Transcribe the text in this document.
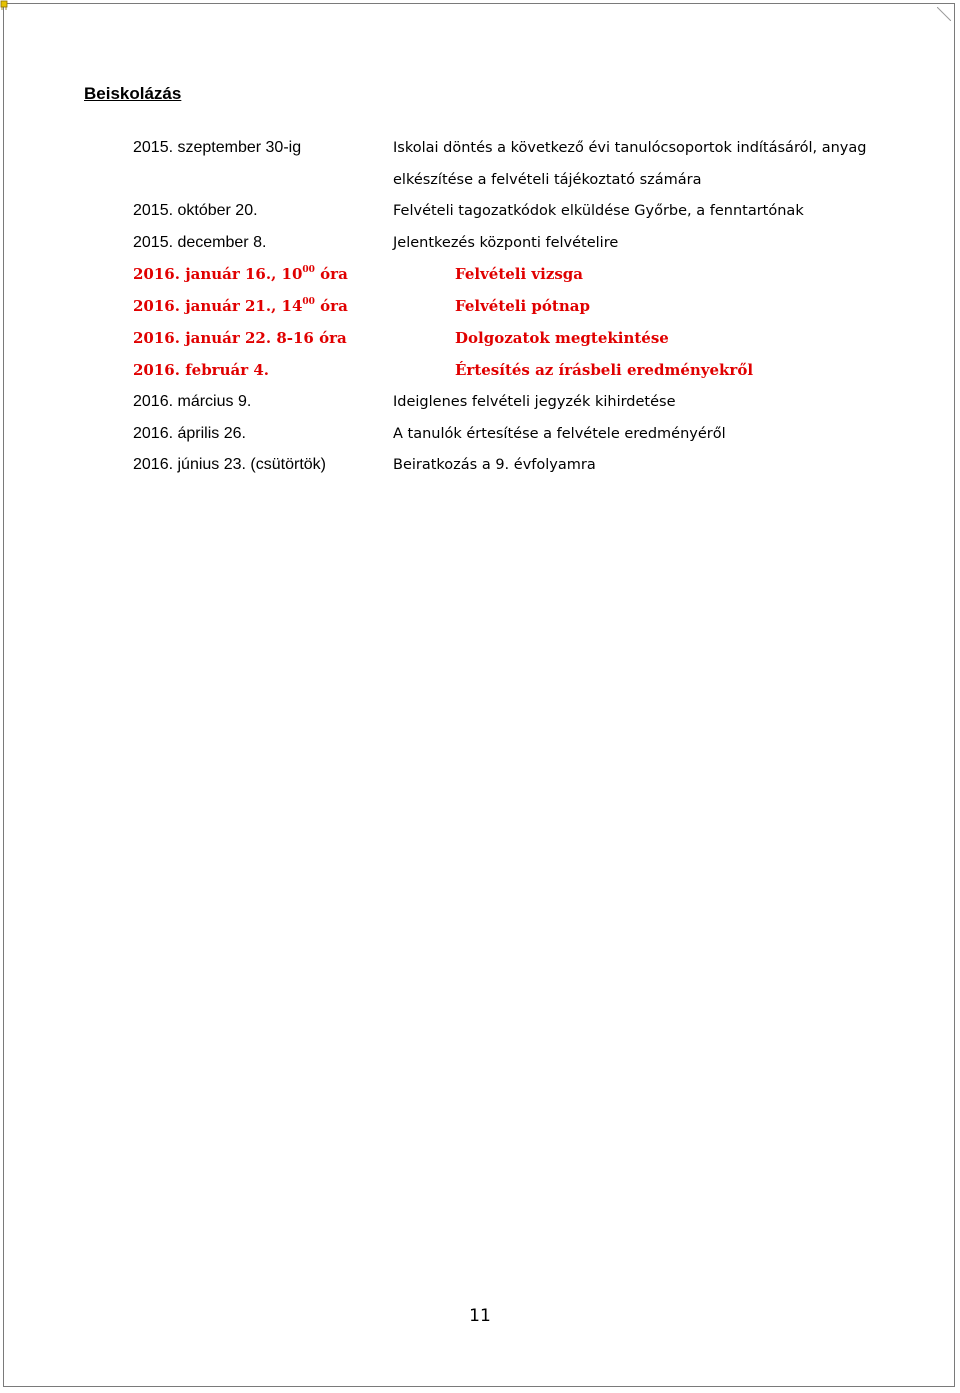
Beiskolázás
2015. szeptember 30-ig	Iskolai döntés a következő évi tanulócsoportok indításáról, anyag
elkészítése a felvételi tájékoztató számára
2015. október 20.	Felvételi tagozatkódok elküldése Győrbe, a fenntartónak
2015. december 8.	Jelentkezés központi felvételire
2016. január 16., $10^{00}$ óra	Felvételi vizsga
2016. január 21., $14^{00}$ óra	Felvételi pótnap
2016. január 22. 8-16 óra	Dolgozatok megtekintése
2016. február 4.	Értesítés az írásbeli eredményekről
2016. március 9.	Ideiglenes felvételi jegyzék kihirdetése
2016. április 26.	A tanulók értesítése a felvétele eredményéről
2016. június 23. (csütörtök)	Beiratkozás a 9. évfolyamra
11
